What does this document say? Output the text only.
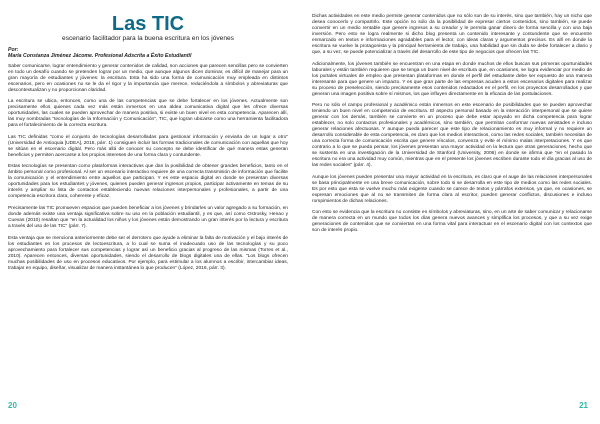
Las TIC
escenario facilitador para la buena escritura en los jóvenes
Por:
María Constanza Jiménez Jácome. Profesional Adscrita a Éxito Estudiantil

Saber comunicarse, lograr entendimiento y generar contenidos de calidad, son acciones que parecen sencillas pero se convierten en todo un desafío cuando se pretenden lograr por un medio, que aunque algunos dicen dominar, es difícil de manejar para un gran mayoría de estudiantes y jóvenes: la escritura. Esta ha sido una forma de comunicación muy empleada en distintos escenarios, pero en ocasiones no se le da el rigor y la importancia que merece, reduciéndola a símbolos y abreviaturas que descontextualizan y no proporcionan claridad.

La escritura se ubica, entonces, como una de las competencias que se debe fortalecer en los jóvenes. Actualmente son precisamente ellos quienes cada vez más están inmersos en una aldea comunicativa digital que les ofrece diversas oportunidades, las cuales se pueden aprovechar de manera positiva, si existe un buen nivel en esta competencia. Aparecen allí, las muy nombradas "tecnologías de la Información y Comunicación", TIC, que logran ubicarse como una herramienta facilitadora para el fortalecimiento de la correcta escritura.

Las TIC definidas "como el conjunto de tecnologías desarrolladas para gestionar información y enviarla de un lugar a otro" (Universidad de Antioquia [UDEA], 2015, párr. 1) consiguen incluir las formas tradicionales de comunicación con aquellas que hoy se sitúan en el escenario digital. Pero más allá de conocer su concepto se debe identificar de qué manera estas generan beneficios y permiten acercarse a los propios intereses de una forma clara y contundente.

Estas tecnologías se presentan como plataformas interactivas que dan la posibilidad de obtener grandes beneficios, tanto en el ámbito personal como profesional. Al ser un escenario interactivo requiere de una correcta transmisión de información que facilite la comunicación y el entendimiento entre aquellos que participan. Y es este espacio digital en donde se presentan diversas oportunidades para los estudiantes y jóvenes, quienes pueden generar ingresos propios, participar activamente en temas de su interés y ampliar su lista de contactos estableciendo nuevas relaciones interpersonales y profesionales, a partir de una competencia escritora clara, coherente y eficaz.

Precisamente las TIC promueven espacios que pueden beneficiar a los jóvenes y brindarles un valor agregado a su formación, en donde además existe una ventaja significativa sobre su uso en la población estudiantil, y es que, así como Ostrosky, Henao y Cuevas (2010) resaltan que "en la actualidad los niños y los jóvenes están demostrando un gran interés por la lectura y escritura a través del uso de las TIC" (párr. 7).

Esta ventaja que se menciona anteriormente debe ser el derrotero que ayude a eliminar la falta de motivación y el bajo interés de los estudiantes en los procesos de lectoescritura, a lo cual se suma el inadecuado uso de las tecnologías y su poco aprovechamiento para fortalecer sus competencias y lograr así un beneficio gracias al progreso de las mismas (Torres et al., 2010). Aparecen entonces, diversas oportunidades, siendo el desarrollo de blogs digitales una de ellas. "Los blogs ofrecen muchas posibilidades de uso en procesos educativos. Por ejemplo, para estimular a los alumnos a escribir, intercambiar ideas, trabajar en equipo, diseñar, visualizar de manera instantánea lo que producen" (López, 2016, párr. 3).

20

Dichas actividades en este medio permite generar contenidos que no sólo son de su interés, sino que también, hay un nicho que desea conocerlo y compartirlo. Este opción no sólo da la posibilidad de expresar ciertos contenidos, sino también, se puede convertir en un medio rentable que genere ingresos a su creador y le permita ganar dinero de forma sencilla y con una baja inversión. Pero esto se logra realmente si dicho blog presenta un contenido interesante y contundente que se encuentre enmarcado en textos e informaciones agradables para el lector, con ideas claras y argumentos precisos. Es allí en donde la escritura se vuelve la protagonista y la principal herramienta de trabajo, una habilidad que sin duda se debe fortalecer a diario y que, a su vez, se puede potencializar a través del desarrollo de este tipo de negocios que ofrecen las TIC.

Adicionalmente, los jóvenes también se encuentran en una etapa en donde muchos de ellos buscan sus primeras oportunidades laborales y están también requieren que se tenga un buen nivel de escritura que, en ocasiones, se logra evidenciar por medio de los portales virtuales de empleo que presentan plataformas en donde el perfil del estudiante debe ser expuesto de una manera interesante para que genere un impacto. Y es que gran parte de las empresas acuden a estos escenarios digitales para realizar su proceso de preselección, siendo precisamente esos contenidos redactados en el perfil, en los proyectos desarrollados y que generan una imagen positiva sobre sí mismos, los que influyen directamente en la eficacia de las postulaciones.

Pero no sólo el campo profesional y académico están inmersos en este escenario de posibilidades que se pueden aprovechar teniendo un buen nivel en competencia de escritura. El aspecto personal basado en la interacción interpersonal que se quiere generar con los demás, también se convierte en un proceso que debe estar apoyado en dicha competencia para lograr establecer, no solo contactos profesionales y académicos, sino también, que permitan conformar nuevas amistades e incluso generar relaciones afectuosas. Y aunque pueda parecer que este tipo de relacionamiento es muy informal y no requiere un desarrollo considerable de esta competencia, es claro que los medios interactivos, como las redes sociales, también necesitan de una correcta forma de comunicación escrita que genere vínculos, convenza y evite el mínimo malas interpretaciones. Y es que contrario a lo que se pueda pensar, los jóvenes presentan una mayor actividad en la lectura que otras generaciones, hecho que se sustenta en una investigación de la Universidad de Stanford (University, 2006) en donde se afirma que "en el pasado la escritura no era una actividad muy común, mientras que en el presente los jóvenes escriben durante todo el día gracias al uso de las redes sociales" (párr. 4).

Aunque los jóvenes pueden presentar una mayor actividad en la escritura, es claro que el auge de las relaciones interpersonales se basa principalmente en una breve comunicación, sobre todo si se desarrolla en este tipo de medios como las redes sociales. Es por esto que esta se vuelve mucho más exigente cuando se carece de textos y párrafos extensos, ya que, en ocasiones, se expresan emociones que al no se transmiten de forma clara al escritor, pueden generar conflictos, discusiones e incluso rompimientos de dichas relaciones.

Con esto se evidencia que la escritura no consiste en símbolos y abreviaturas, sino, en un arte de saber comunicar y relacionarse de manera correcta en un mundo que todos los días genera nuevos avances y simplifica los procesos, y que a su vez exige generaciones de contenidos que se conviertan en una forma vital para interactuar en el escenario digital con los contextos que son de interés propio.

21
